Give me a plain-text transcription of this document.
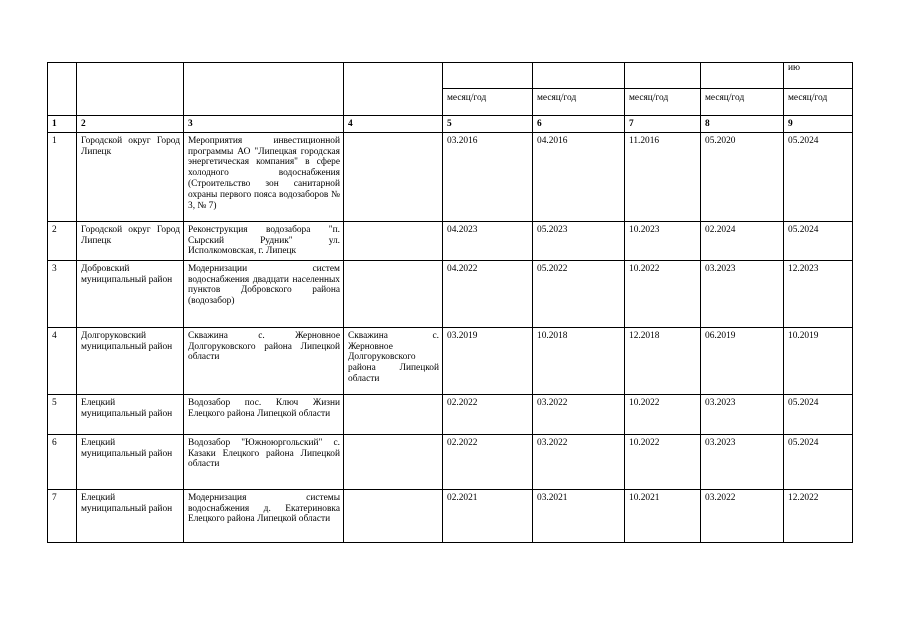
								ию
				месяц/год	месяц/год	месяц/год	месяц/год	месяц/год
1	2	3	4	5	6	7	8	9
1	Городской округ Город Липецк	Мероприятия инвестиционной программы АО "Липецкая городская энергетическая компания" в сфере холодного водоснабжения (Строительство зон санитарной охраны первого пояса водозаборов № 3, № 7)		03.2016	04.2016	11.2016	05.2020	05.2024
2	Городской округ Город Липецк	Реконструкция водозабора "п. Сырский Рудник" ул. Исполкомовская, г. Липецк		04.2023	05.2023	10.2023	02.2024	05.2024
3	Добровский муниципальный район	Модернизации систем водоснабжения двадцати населенных пунктов Добровского района (водозабор)		04.2022	05.2022	10.2022	03.2023	12.2023
4	Долгоруковский муниципальный район	Скважина с. Жерновное Долгоруковского района Липецкой области	Скважина с. Жерновное Долгоруковского района Липецкой области	03.2019	10.2018	12.2018	06.2019	10.2019
5	Елецкий муниципальный район	Водозабор пос. Ключ Жизни Елецкого района Липецкой области		02.2022	03.2022	10.2022	03.2023	05.2024
6	Елецкий муниципальный район	Водозабор "Южноюргольский" с. Казаки Елецкого района Липецкой области		02.2022	03.2022	10.2022	03.2023	05.2024
7	Елецкий муниципальный район	Модернизация системы водоснабжения д. Екатериновка Елецкого района Липецкой области		02.2021	03.2021	10.2021	03.2022	12.2022
